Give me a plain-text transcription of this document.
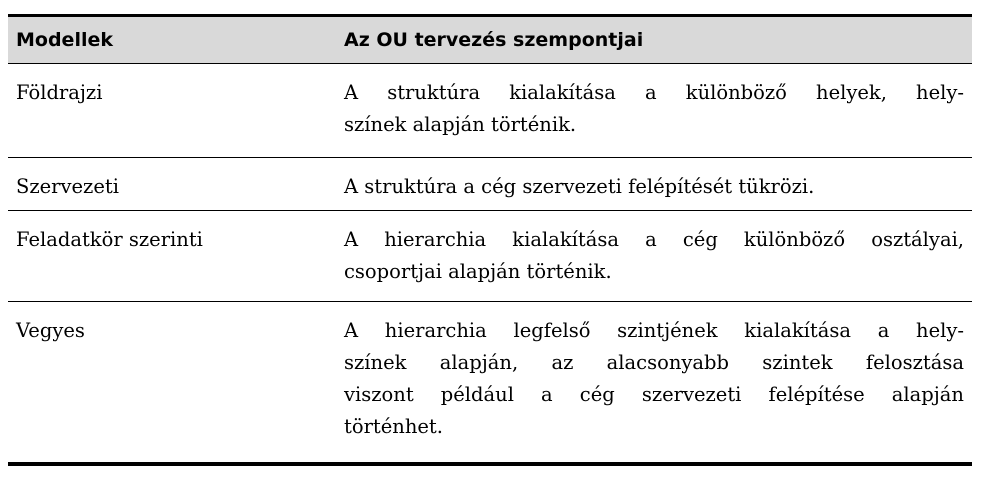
Modellek	Az OU tervezés szempontjai
Földrajzi	A struktúra kialakítása a különböző helyek, hely-
színek alapján történik.
Szervezeti	A struktúra a cég szervezeti felépítését tükrözi.
Feladatkör szerinti	A hierarchia kialakítása a cég különböző osztályai,
csoportjai alapján történik.
Vegyes	A hierarchia legfelső szintjének kialakítása a hely-
színek alapján, az alacsonyabb szintek felosztása
viszont például a cég szervezeti felépítése alapján
történhet.
